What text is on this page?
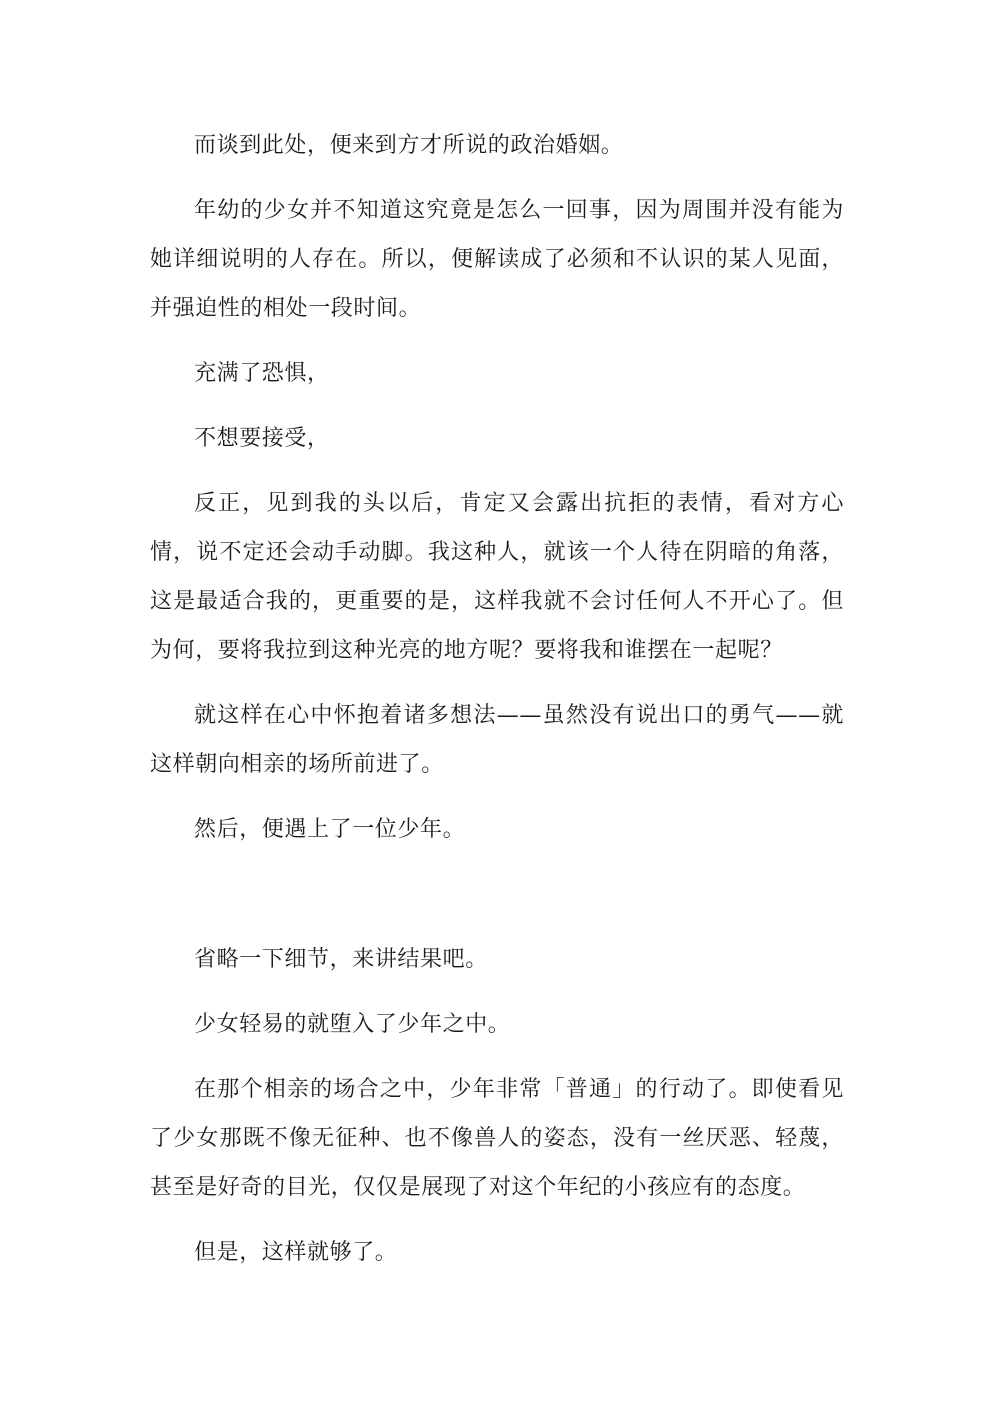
而谈到此处，便来到方才所说的政治婚姻。

年幼的少女并不知道这究竟是怎么一回事，因为周围并没有能为她详细说明的人存在。所以，便解读成了必须和不认识的某人见面，并强迫性的相处一段时间。

充满了恐惧，

不想要接受，

反正，见到我的头以后，肯定又会露出抗拒的表情，看对方心情，说不定还会动手动脚。我这种人，就该一个人待在阴暗的角落，这是最适合我的，更重要的是，这样我就不会讨任何人不开心了。但为何，要将我拉到这种光亮的地方呢？要将我和谁摆在一起呢？

就这样在心中怀抱着诸多想法——虽然没有说出口的勇气——就这样朝向相亲的场所前进了。

然后，便遇上了一位少年。

省略一下细节，来讲结果吧。

少女轻易的就堕入了少年之中。

在那个相亲的场合之中，少年非常「普通」的行动了。即使看见了少女那既不像无征种、也不像兽人的姿态，没有一丝厌恶、轻蔑，甚至是好奇的目光，仅仅是展现了对这个年纪的小孩应有的态度。

但是，这样就够了。
